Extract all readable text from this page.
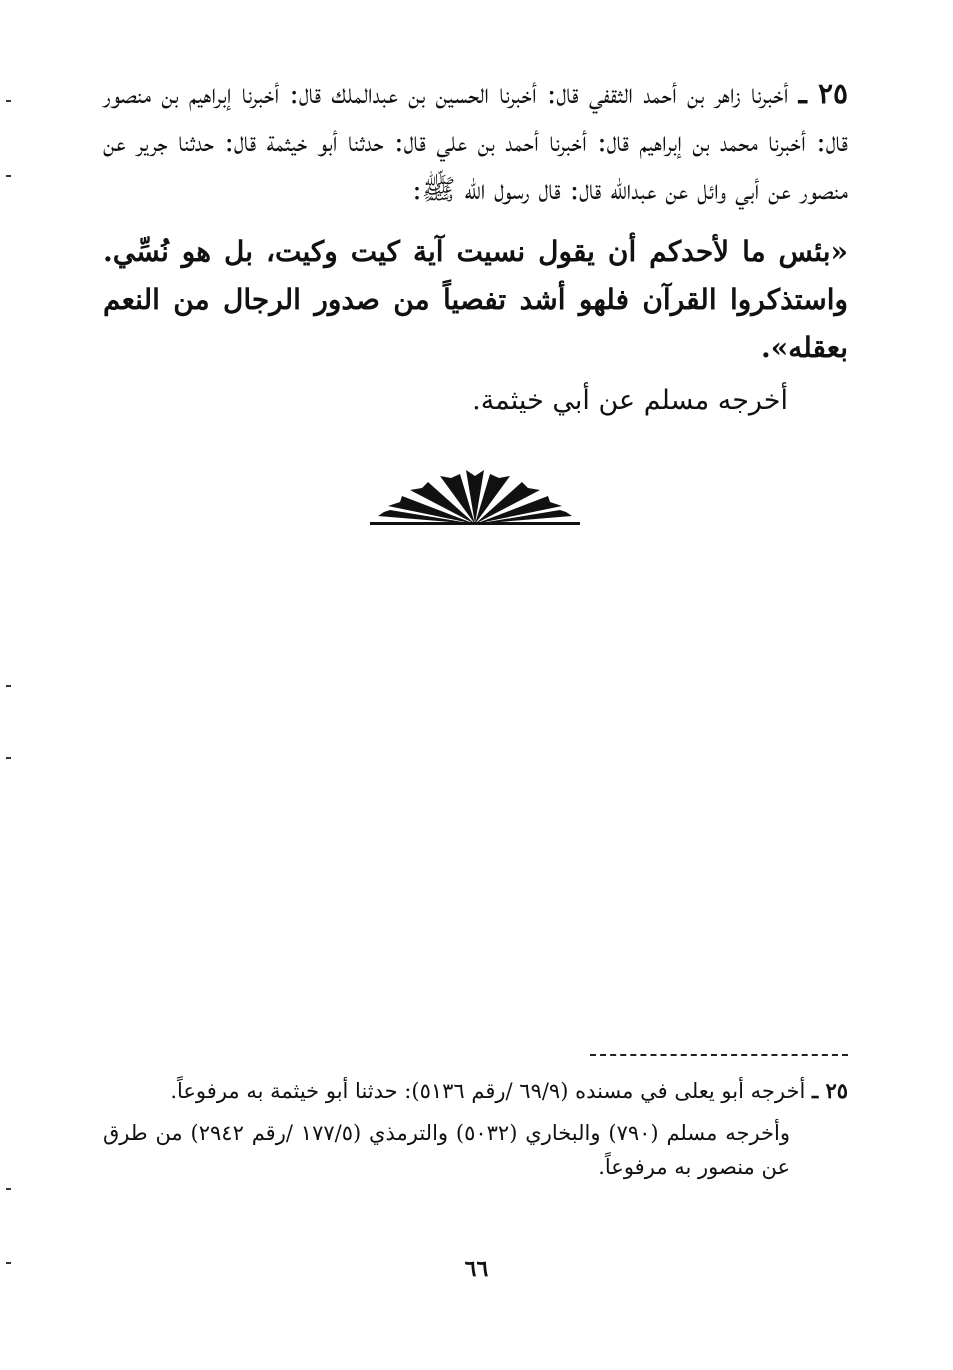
٢٥ ـ أخبرنا زاهر بن أحمد الثقفي قال: أخبرنا الحسين بن عبدالملك قال: أخبرنا إبراهيم بن منصور قال: أخبرنا محمد بن إبراهيم قال: أخبرنا أحمد بن علي قال: حدثنا أبو خيثمة قال: حدثنا جرير عن منصور عن أبي وائل عن عبدالله قال: قال رسول الله ﷺ:

«بئس ما لأحدكم أن يقول نسيت آية كيت وكيت، بل هو نُسِّي. واستذكروا القرآن فلهو أشد تفصياً من صدور الرجال من النعم بعقله».

أخرجه مسلم عن أبي خيثمة.

٢٥ ـ أخرجه أبو يعلى في مسنده (٦٩/٩ /رقم ٥١٣٦): حدثنا أبو خيثمة به مرفوعاً.

وأخرجه مسلم (٧٩٠) والبخاري (٥٠٣٢) والترمذي (١٧٧/٥ /رقم ٢٩٤٢) من طرق عن منصور به مرفوعاً.

٦٦
